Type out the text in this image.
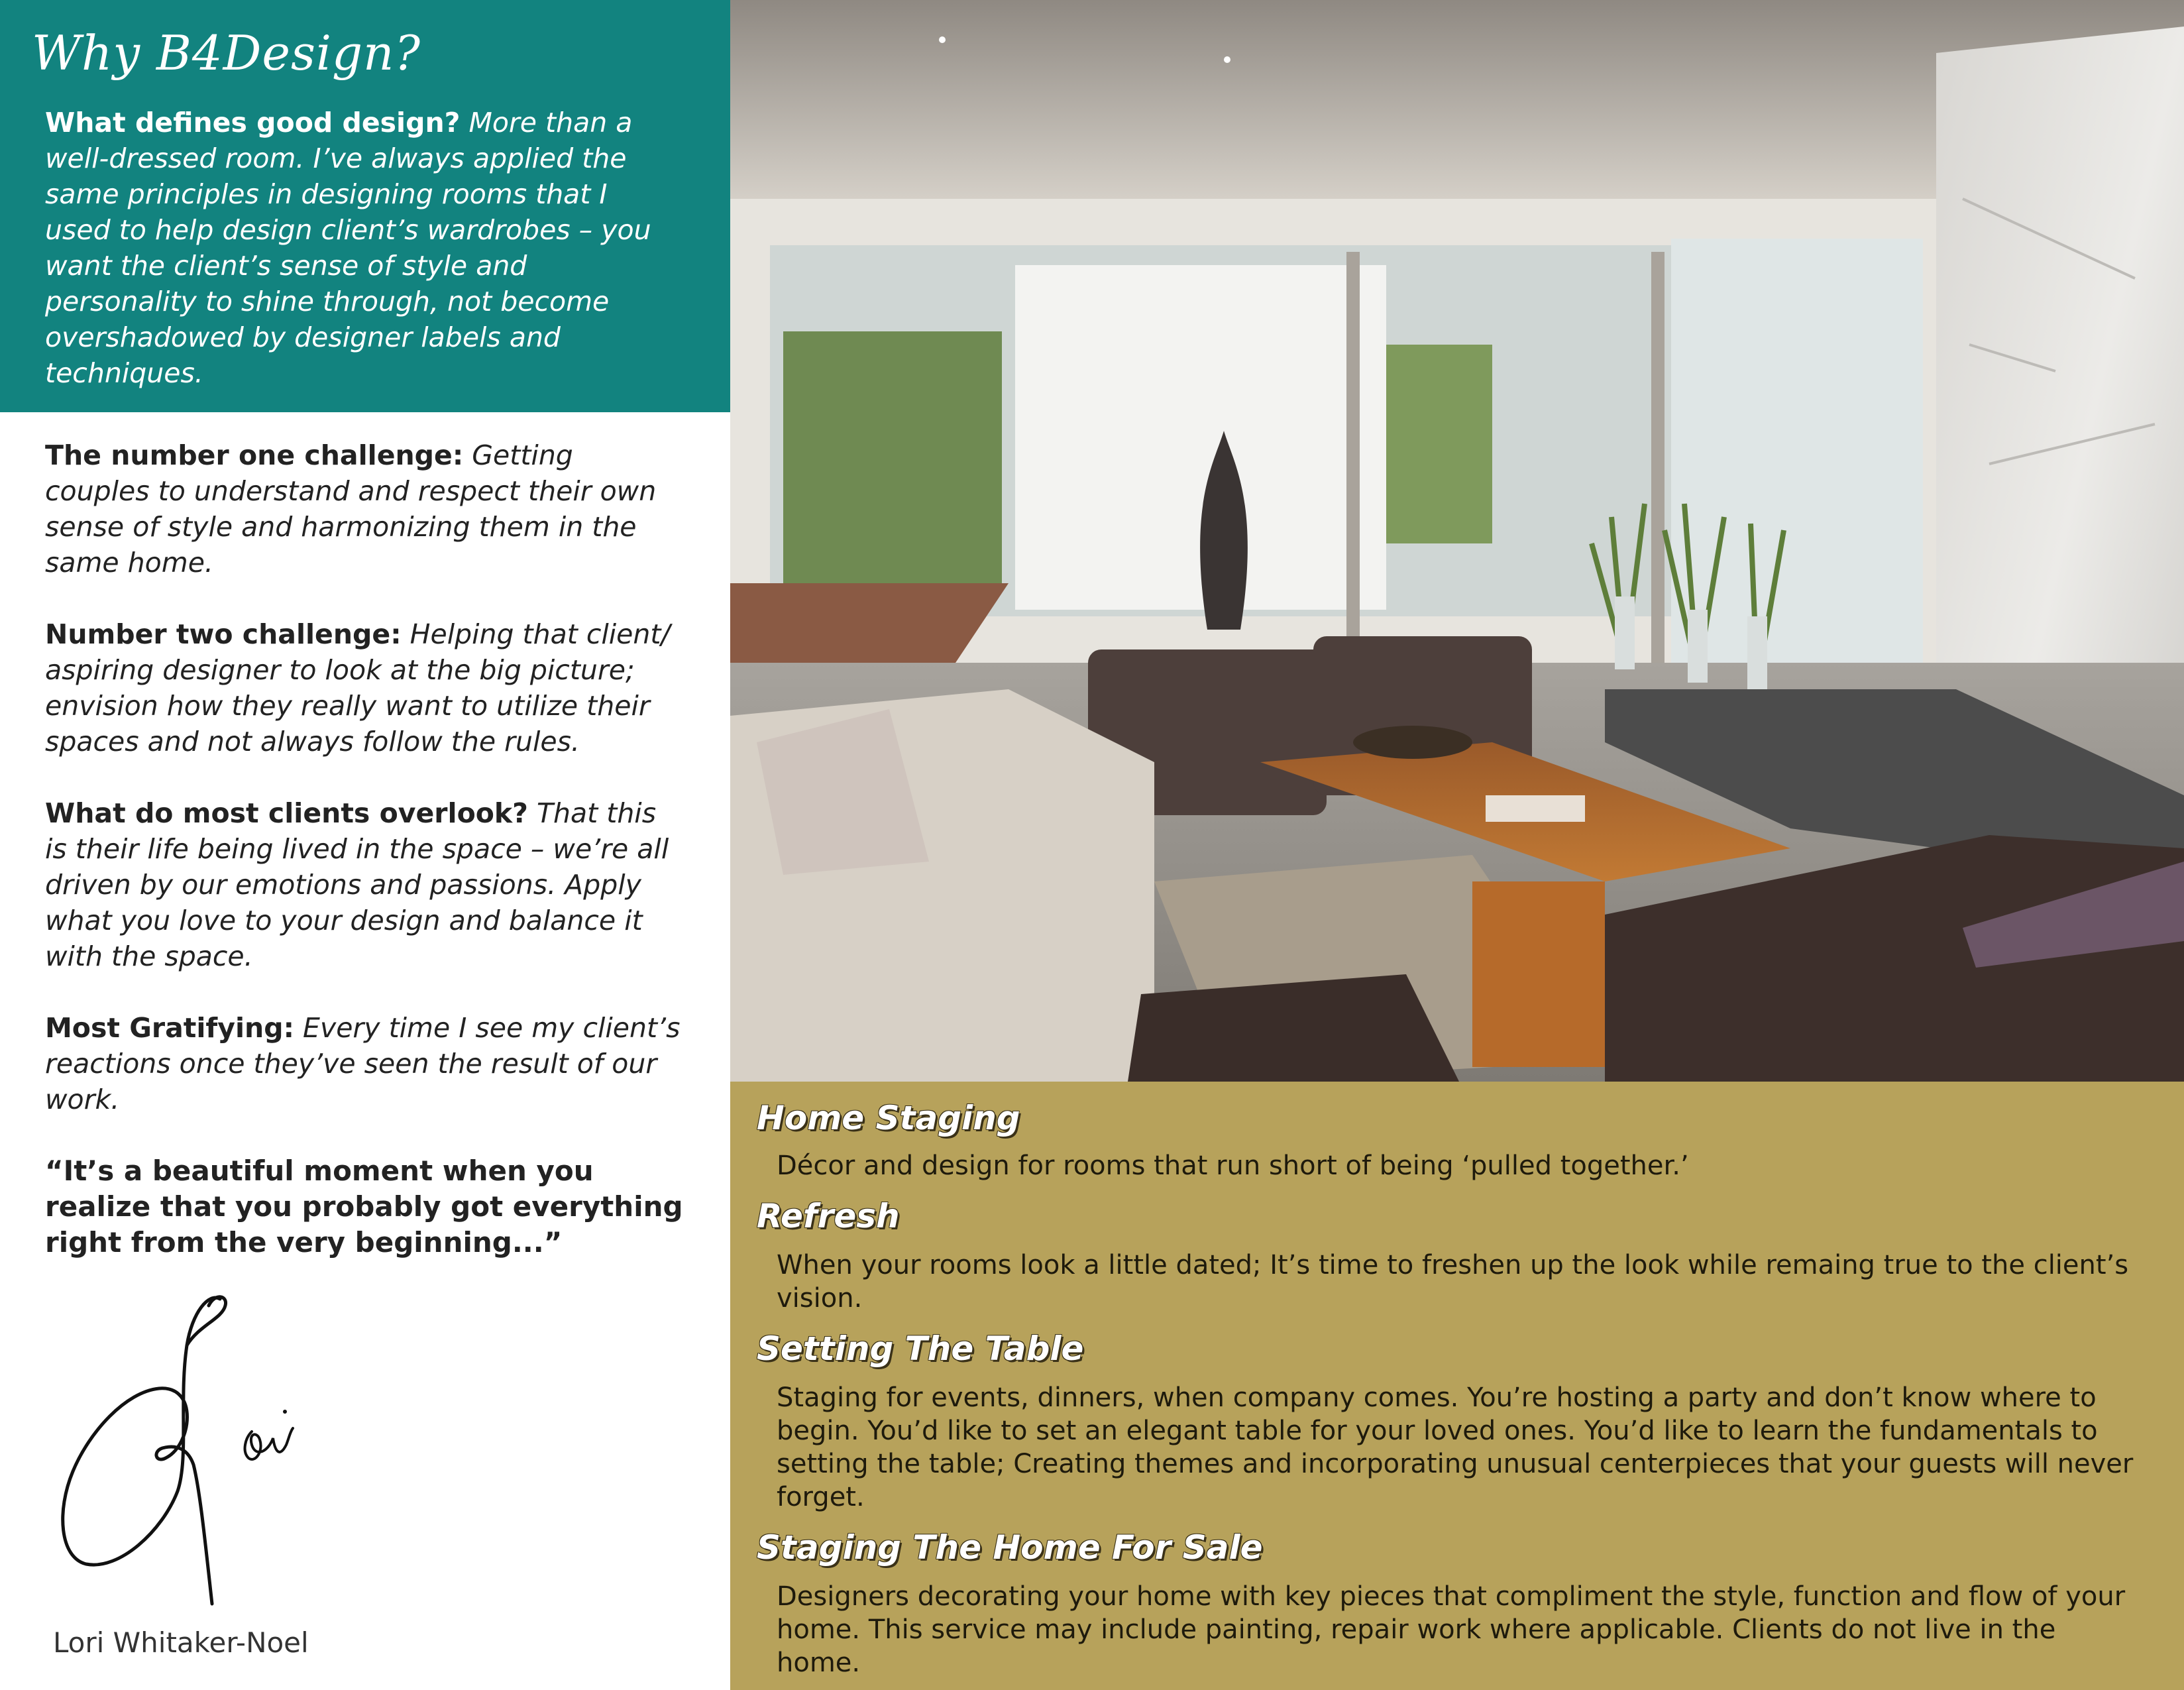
Why B4Design?
What defines good design? More than a well-dressed room. I’ve always applied the same principles in designing rooms that I used to help design client’s wardrobes – you want the client’s sense of style and personality to shine through, not become overshadowed by designer labels and techniques.
The number one challenge: Getting couples to understand and respect their own sense of style and harmonizing them in the same home.
Number two challenge: Helping that client/ aspiring designer to look at the big picture; envision how they really want to utilize their spaces and not always follow the rules.
What do most clients overlook? That this is their life being lived in the space – we’re all driven by our emotions and passions. Apply what you love to your design and balance it with the space.
Most Gratifying: Every time I see my client’s reactions once they’ve seen the result of our work.
“It’s a beautiful moment when you realize that you probably got everything right from the very beginning...”
Lori Whitaker-Noel
Home Staging
Décor and design for rooms that run short of being ‘pulled together.’
Refresh
When your rooms look a little dated; It’s time to freshen up the look while remaing true to the client’s vision.
Setting The Table
Staging for events, dinners, when company comes. You’re hosting a party and don’t know where to begin. You’d like to set an elegant table for your loved ones. You’d like to learn the fundamentals to setting the table; Creating themes and incorporating unusual centerpieces that your guests will never forget.
Staging The Home For Sale
Designers decorating your home with key pieces that compliment the style, function and flow of your home. This service may include painting, repair work where applicable. Clients do not live in the home.
